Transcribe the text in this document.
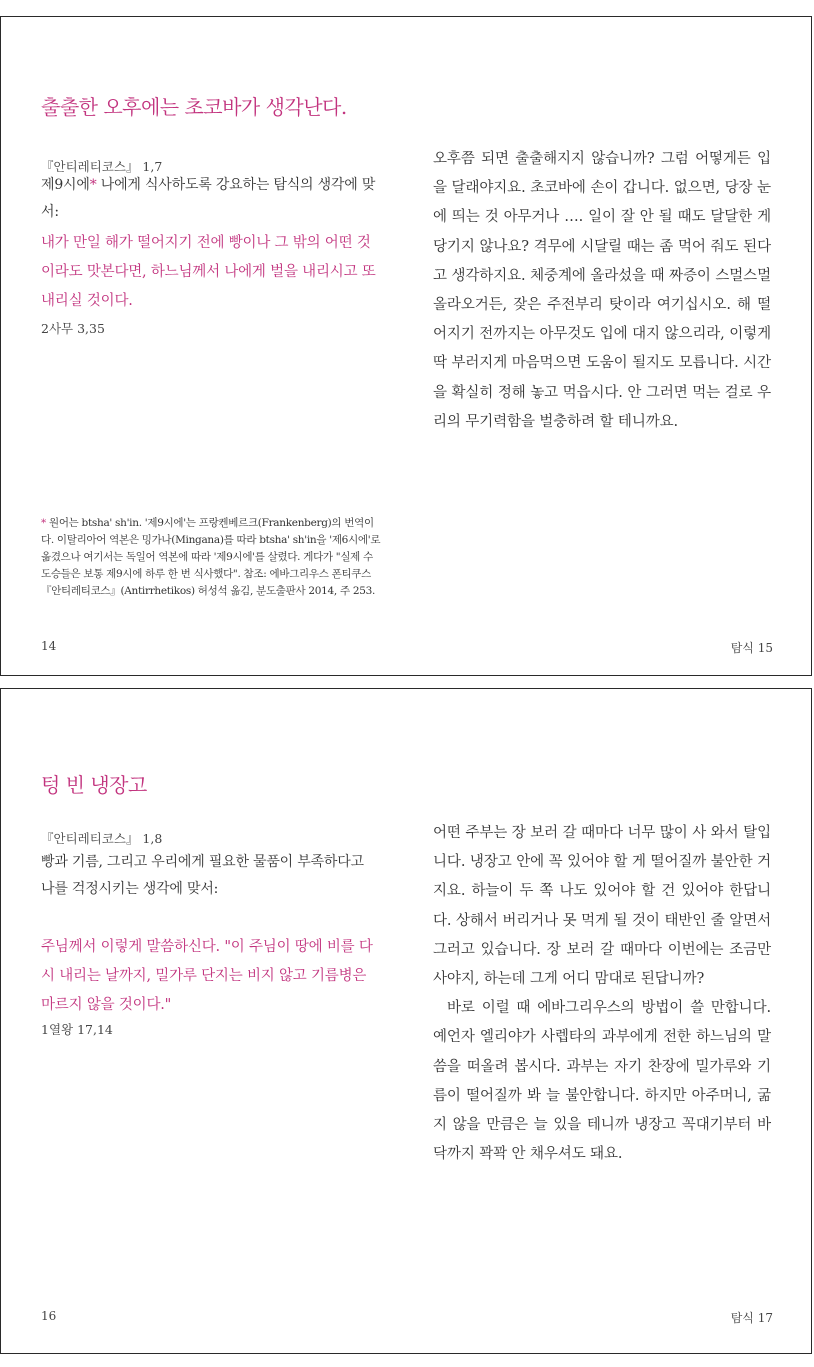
출출한 오후에는 초코바가 생각난다.
『안티레티코스』 1,7
제9시에* 나에게 식사하도록 강요하는 탐식의 생각에 맞서:
내가 만일 해가 떨어지기 전에 빵이나 그 밖의 어떤 것이라도 맛본다면, 하느님께서 나에게 벌을 내리시고 또 내리실 것이다.
2사무 3,35
* 원어는 btsha' sh'in. '제9시에'는 프랑켄베르크(Frankenberg)의 번역이다. 이탈리아어 역본은 밍가나(Mingana)를 따라 btsha' sh'in을 '제6시에'로 옮겼으나 여기서는 독일어 역본에 따라 '제9시에'를 살렸다. 게다가 "실제 수도승들은 보통 제9시에 하루 한 번 식사했다". 참조: 에바그리우스 폰티쿠스 『안티레티코스』(Antirrhetikos) 허성석 옮김, 분도출판사 2014, 주 253.
14

오후쯤 되면 출출해지지 않습니까? 그럼 어떻게든 입을 달래야지요. 초코바에 손이 갑니다. 없으면, 당장 눈에 띄는 것 아무거나 …. 일이 잘 안 될 때도 달달한 게 당기지 않나요? 격무에 시달릴 때는 좀 먹어 줘도 된다고 생각하지요. 체중계에 올라섰을 때 짜증이 스멀스멀 올라오거든, 잦은 주전부리 탓이라 여기십시오. 해 떨어지기 전까지는 아무것도 입에 대지 않으리라, 이렇게 딱 부러지게 마음먹으면 도움이 될지도 모릅니다. 시간을 확실히 정해 놓고 먹읍시다. 안 그러면 먹는 걸로 우리의 무기력함을 벌충하려 할 테니까요.

탐식 15
텅 빈 냉장고
『안티레티코스』 1,8
빵과 기름, 그리고 우리에게 필요한 물품이 부족하다고 나를 걱정시키는 생각에 맞서:
주님께서 이렇게 말씀하신다. "이 주님이 땅에 비를 다시 내리는 날까지, 밀가루 단지는 비지 않고 기름병은 마르지 않을 것이다."
1열왕 17,14
16

어떤 주부는 장 보러 갈 때마다 너무 많이 사 와서 탈입니다. 냉장고 안에 꼭 있어야 할 게 떨어질까 불안한 거지요. 하늘이 두 쪽 나도 있어야 할 건 있어야 한답니다. 상해서 버리거나 못 먹게 될 것이 태반인 줄 알면서 그러고 있습니다. 장 보러 갈 때마다 이번에는 조금만 사야지, 하는데 그게 어디 맘대로 된답니까?

바로 이럴 때 에바그리우스의 방법이 쓸 만합니다. 예언자 엘리야가 사렙타의 과부에게 전한 하느님의 말씀을 떠올려 봅시다. 과부는 자기 찬장에 밀가루와 기름이 떨어질까 봐 늘 불안합니다. 하지만 아주머니, 굶지 않을 만큼은 늘 있을 테니까 냉장고 꼭대기부터 바닥까지 꽉꽉 안 채우셔도 돼요.

탐식 17
